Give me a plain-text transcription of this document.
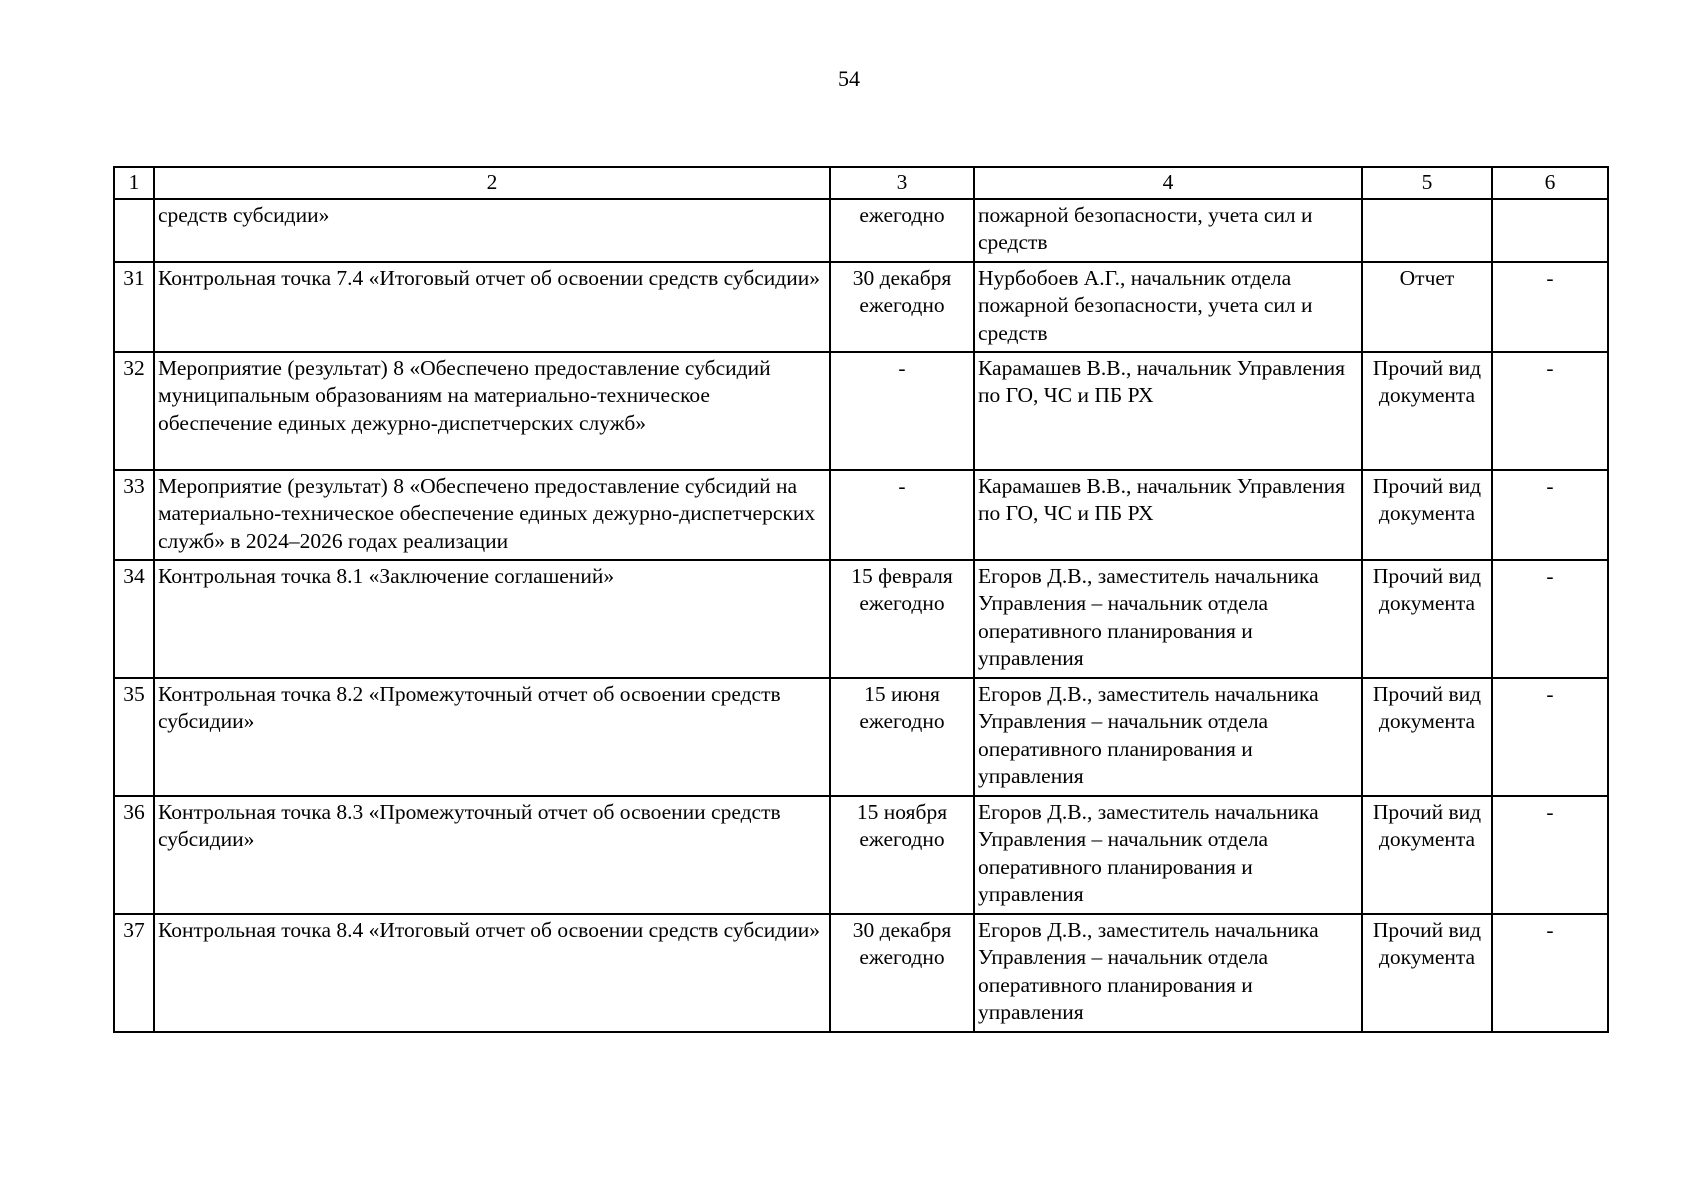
54
1	2	3	4	5	6
	средств субсидии»	ежегодно	пожарной безопасности, учета сил и средств		
31	Контрольная точка 7.4 «Итоговый отчет об освоении средств субсидии»	30 декабря ежегодно	Нурбобоев А.Г., начальник отдела пожарной безопасности, учета сил и средств	Отчет	-
32	Мероприятие (результат) 8 «Обеспечено предоставление субсидий муниципальным образованиям на материально-техническое обеспечение единых дежурно-диспетчерских служб»	-	Карамашев В.В., начальник Управления по ГО, ЧС и ПБ РХ	Прочий вид документа	-
33	Мероприятие (результат) 8 «Обеспечено предоставление субсидий на материально-техническое обеспечение единых дежурно-диспетчерских служб» в 2024–2026 годах реализации	-	Карамашев В.В., начальник Управления по ГО, ЧС и ПБ РХ	Прочий вид документа	-
34	Контрольная точка 8.1 «Заключение соглашений»	15 февраля ежегодно	Егоров Д.В., заместитель начальника Управления – начальник отдела оперативного планирования и управления	Прочий вид документа	-
35	Контрольная точка 8.2 «Промежуточный отчет об освоении средств субсидии»	15 июня ежегодно	Егоров Д.В., заместитель начальника Управления – начальник отдела оперативного планирования и управления	Прочий вид документа	-
36	Контрольная точка 8.3 «Промежуточный отчет об освоении средств субсидии»	15 ноября ежегодно	Егоров Д.В., заместитель начальника Управления – начальник отдела оперативного планирования и управления	Прочий вид документа	-
37	Контрольная точка 8.4 «Итоговый отчет об освоении средств субсидии»	30 декабря ежегодно	Егоров Д.В., заместитель начальника Управления – начальник отдела оперативного планирования и управления	Прочий вид документа	-
